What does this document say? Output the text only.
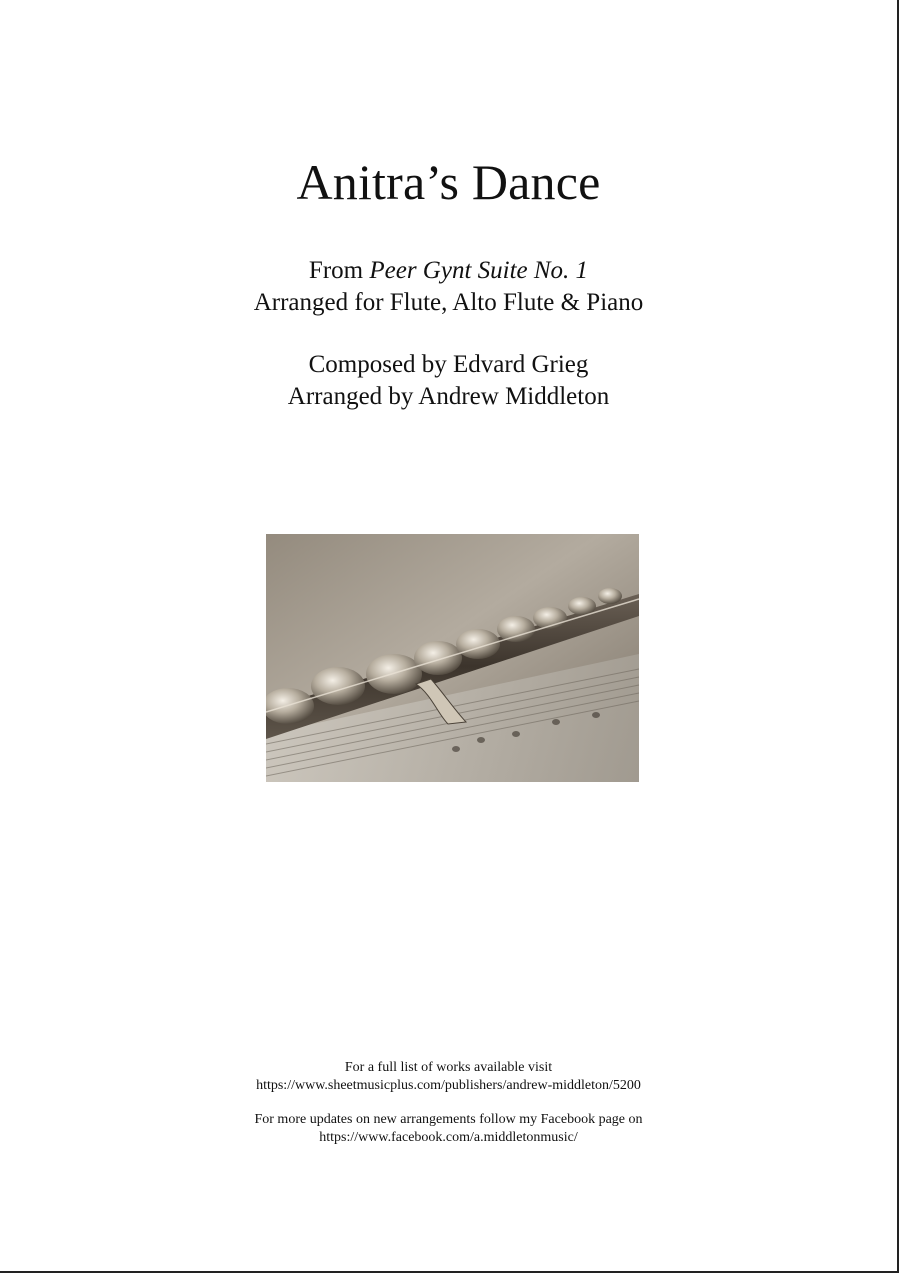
Anitra’s Dance
From Peer Gynt Suite No. 1
Arranged for Flute, Alto Flute & Piano
Composed by Edvard Grieg
Arranged by Andrew Middleton
For a full list of works available visit
https://www.sheetmusicplus.com/publishers/andrew-middleton/5200
For more updates on new arrangements follow my Facebook page on
https://www.facebook.com/a.middletonmusic/
